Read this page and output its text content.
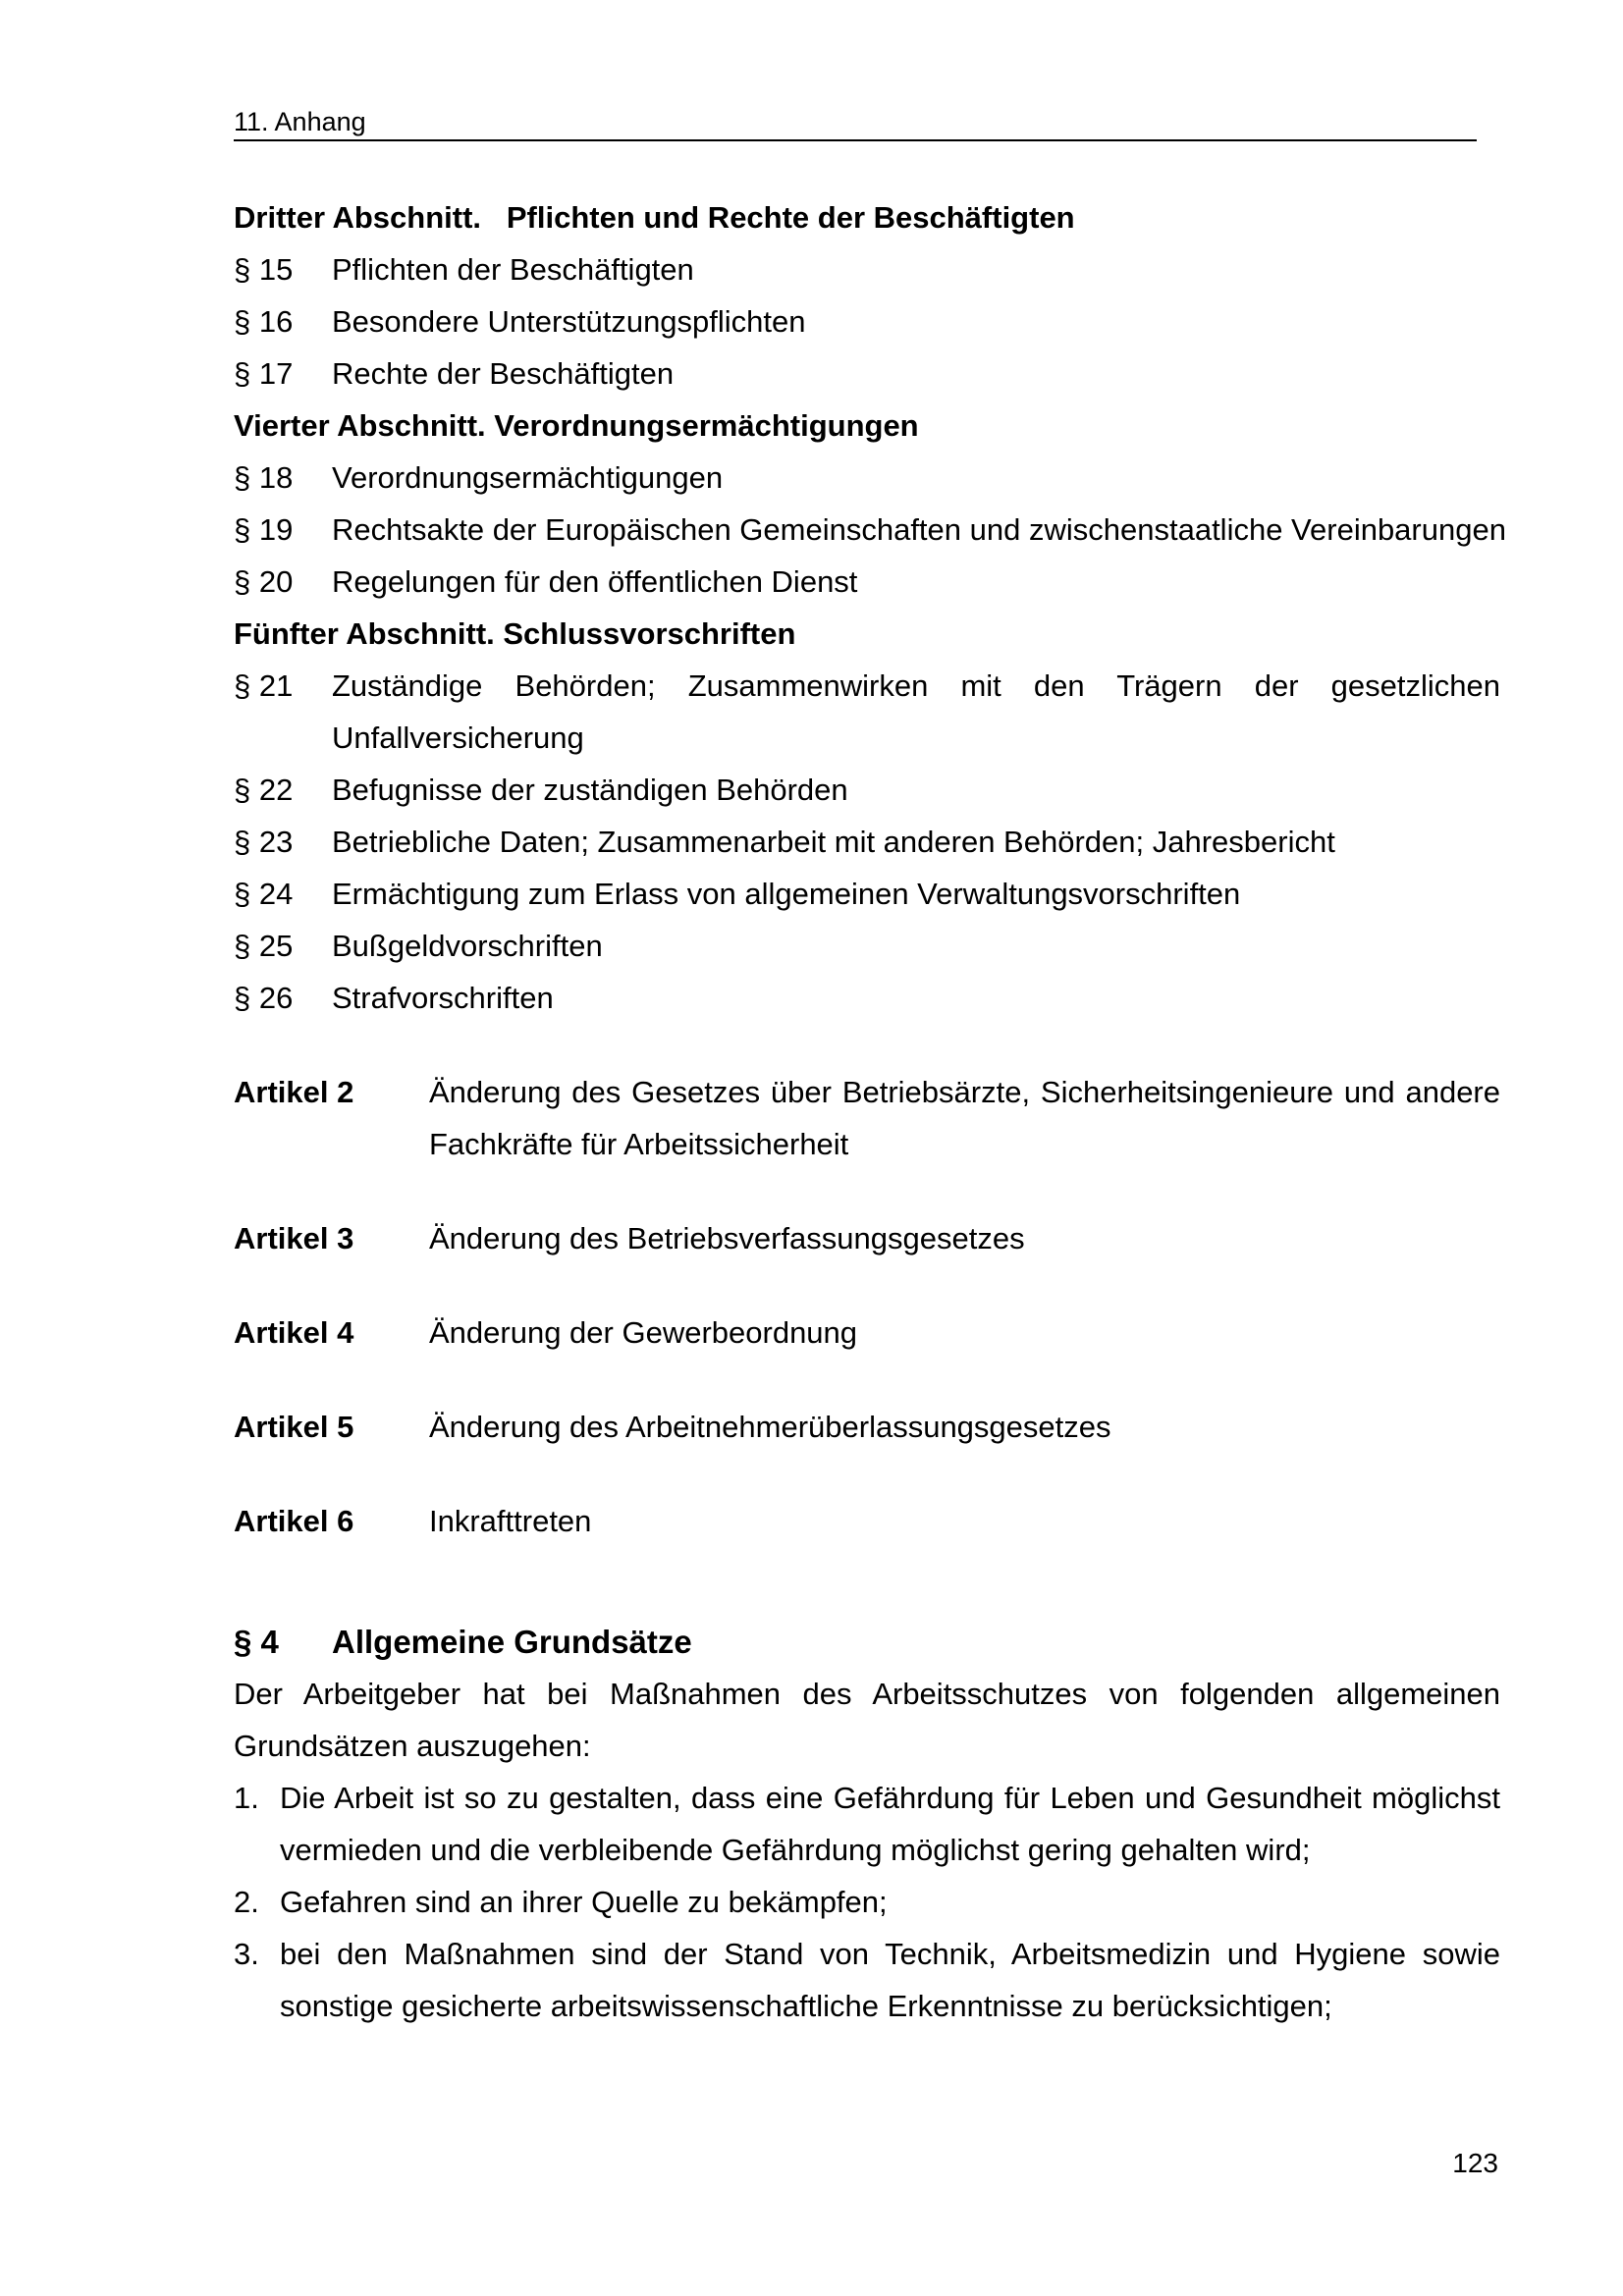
11. Anhang
Dritter Abschnitt.   Pflichten und Rechte der Beschäftigten
§ 15	Pflichten der Beschäftigten
§ 16	Besondere Unterstützungspflichten
§ 17	Rechte der Beschäftigten
Vierter Abschnitt. Verordnungsermächtigungen
§ 18	Verordnungsermächtigungen
§ 19	Rechtsakte der Europäischen Gemeinschaften und zwischenstaatliche Vereinbarungen
§ 20	Regelungen für den öffentlichen Dienst
Fünfter Abschnitt. Schlussvorschriften
§ 21	Zuständige Behörden; Zusammenwirken mit den Trägern der gesetzlichen Unfallversicherung
§ 22	Befugnisse der zuständigen Behörden
§ 23	Betriebliche Daten; Zusammenarbeit mit anderen Behörden; Jahresbericht
§ 24	Ermächtigung zum Erlass von allgemeinen Verwaltungsvorschriften
§ 25	Bußgeldvorschriften
§ 26	Strafvorschriften
Artikel 2	Änderung des Gesetzes über Betriebsärzte, Sicherheitsingenieure und andere Fachkräfte für Arbeitssicherheit
Artikel 3	Änderung des Betriebsverfassungsgesetzes
Artikel 4	Änderung der Gewerbeordnung
Artikel 5	Änderung des Arbeitnehmerüberlassungsgesetzes
Artikel 6	Inkrafttreten
§ 4	Allgemeine Grundsätze
Der Arbeitgeber hat bei Maßnahmen des Arbeitsschutzes von folgenden allgemeinen Grundsätzen auszugehen:
1. Die Arbeit ist so zu gestalten, dass eine Gefährdung für Leben und Gesundheit möglichst vermieden und die verbleibende Gefährdung möglichst gering gehalten wird;
2. Gefahren sind an ihrer Quelle zu bekämpfen;
3. bei den Maßnahmen sind der Stand von Technik, Arbeitsmedizin und Hygiene sowie sonstige gesicherte arbeitswissenschaftliche Erkenntnisse zu berücksichtigen;
123
